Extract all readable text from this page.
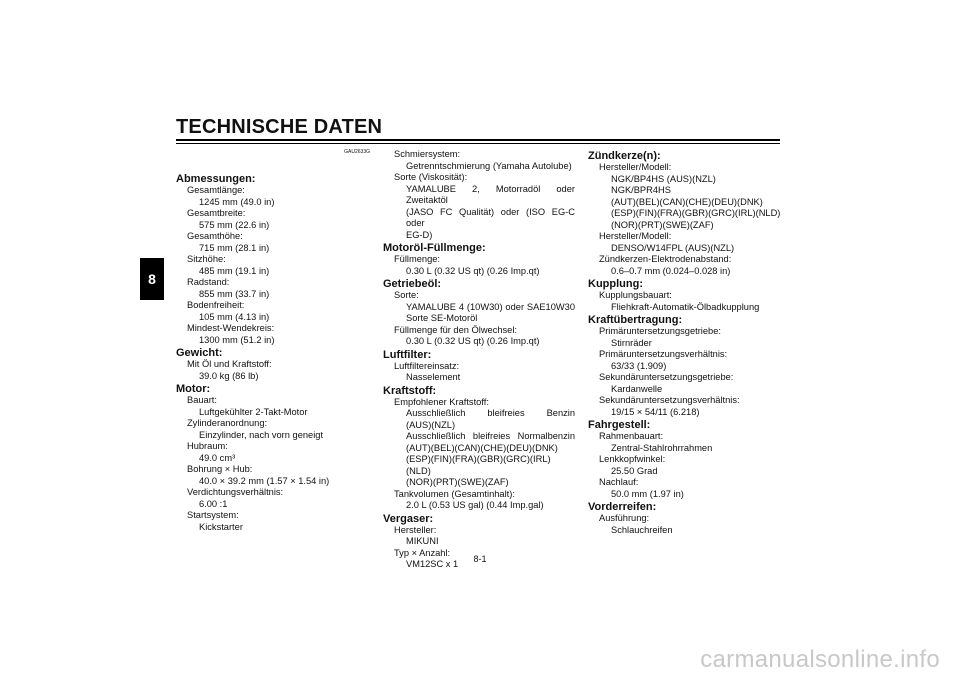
TECHNISCHE DATEN
8
GAU2633G
Abmessungen:
Gesamtlänge:
1245 mm (49.0 in)
Gesamtbreite:
575 mm (22.6 in)
Gesamthöhe:
715 mm (28.1 in)
Sitzhöhe:
485 mm (19.1 in)
Radstand:
855 mm (33.7 in)
Bodenfreiheit:
105 mm (4.13 in)
Mindest-Wendekreis:
1300 mm (51.2 in)
Gewicht:
Mit Öl und Kraftstoff:
39.0 kg (86 lb)
Motor:
Bauart:
Luftgekühlter 2-Takt-Motor
Zylinderanordnung:
Einzylinder, nach vorn geneigt
Hubraum:
49.0 cm³
Bohrung × Hub:
40.0 × 39.2 mm (1.57 × 1.54 in)
Verdichtungsverhältnis:
6.00 :1
Startsystem:
Kickstarter
Schmiersystem:
Getrenntschmierung (Yamaha Autolube)
Sorte (Viskosität):
YAMALUBE 2, Motorradöl oder Zweitaktöl
(JASO FC Qualität) oder (ISO EG-C oder
EG-D)
Motoröl-Füllmenge:
Füllmenge:
0.30 L (0.32 US qt) (0.26 Imp.qt)
Getriebeöl:
Sorte:
YAMALUBE 4 (10W30) oder SAE10W30
Sorte SE-Motoröl
Füllmenge für den Ölwechsel:
0.30 L (0.32 US qt) (0.26 Imp.qt)
Luftfilter:
Luftfiltereinsatz:
Nasselement
Kraftstoff:
Empfohlener Kraftstoff:
Ausschließlich bleifreies Benzin
(AUS)(NZL)
Ausschließlich bleifreies Normalbenzin
(AUT)(BEL)(CAN)(CHE)(DEU)(DNK)
(ESP)(FIN)(FRA)(GBR)(GRC)(IRL)(NLD)
(NOR)(PRT)(SWE)(ZAF)
Tankvolumen (Gesamtinhalt):
2.0 L (0.53 US gal) (0.44 Imp.gal)
Vergaser:
Hersteller:
MIKUNI
Typ × Anzahl:
VM12SC x 1
Zündkerze(n):
Hersteller/Modell:
NGK/BP4HS (AUS)(NZL)
NGK/BPR4HS
(AUT)(BEL)(CAN)(CHE)(DEU)(DNK)
(ESP)(FIN)(FRA)(GBR)(GRC)(IRL)(NLD)
(NOR)(PRT)(SWE)(ZAF)
Hersteller/Modell:
DENSO/W14FPL (AUS)(NZL)
Zündkerzen-Elektrodenabstand:
0.6–0.7 mm (0.024–0.028 in)
Kupplung:
Kupplungsbauart:
Fliehkraft-Automatik-Ölbadkupplung
Kraftübertragung:
Primäruntersetzungsgetriebe:
Stirnräder
Primäruntersetzungsverhältnis:
63/33 (1.909)
Sekundäruntersetzungsgetriebe:
Kardanwelle
Sekundäruntersetzungsverhältnis:
19/15 × 54/11 (6.218)
Fahrgestell:
Rahmenbauart:
Zentral-Stahlrohrrahmen
Lenkkopfwinkel:
25.50 Grad
Nachlauf:
50.0 mm (1.97 in)
Vorderreifen:
Ausführung:
Schlauchreifen
8-1
carmanualsonline.info
